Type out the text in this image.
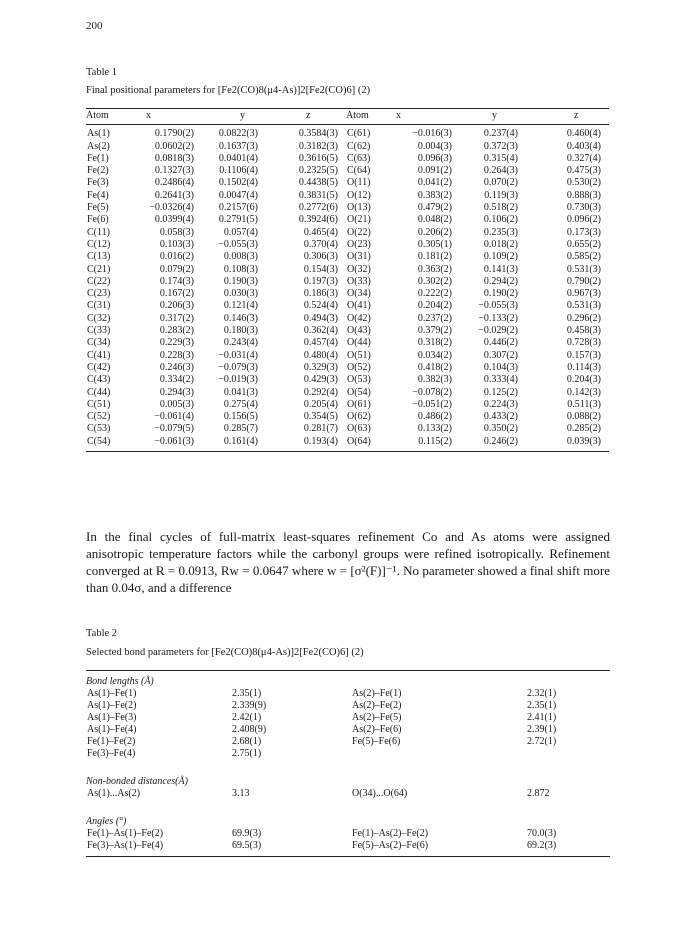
200
Table 1
Final positional parameters for [Fe2(CO)8(μ4-As)]2[Fe2(CO)6] (2)
Atom	x	y	z	Atom	x	y	z
As(1)	0.1790(2)	0.0822(3)	0.3584(3)	C(61)	−0.016(3)	0.237(4)	0.460(4)
As(2)	0.0602(2)	0.1637(3)	0.3182(3)	C(62)	0.004(3)	0.372(3)	0.403(4)
Fe(1)	0.0818(3)	0.0401(4)	0.3616(5)	C(63)	0.096(3)	0.315(4)	0.327(4)
Fe(2)	0.1327(3)	0.1106(4)	0.2325(5)	C(64)	0.091(2)	0.264(3)	0.475(3)
Fe(3)	0.2486(4)	0.1502(4)	0.4438(5)	O(11)	0.041(2)	0.070(2)	0.530(2)
Fe(4)	0.2641(3)	0.0047(4)	0.3831(5)	O(12)	0.383(2)	0.119(3)	0.888(3)
Fe(5)	−0.0326(4)	0.2157(6)	0.2772(6)	O(13)	0.479(2)	0.518(2)	0.730(3)
Fe(6)	0.0399(4)	0.2791(5)	0.3924(6)	O(21)	0.048(2)	0.106(2)	0.096(2)
C(11)	0.058(3)	0.057(4)	0.465(4)	O(22)	0.206(2)	0.235(3)	0.173(3)
C(12)	0.103(3)	−0.055(3)	0.370(4)	O(23)	0.305(1)	0.018(2)	0.655(2)
C(13)	0.016(2)	0.008(3)	0.306(3)	O(31)	0.181(2)	0.109(2)	0.585(2)
C(21)	0.079(2)	0.108(3)	0.154(3)	O(32)	0.363(2)	0.141(3)	0.531(3)
C(22)	0.174(3)	0.190(3)	0.197(3)	O(33)	0.302(2)	0.294(2)	0.790(2)
C(23)	0.167(2)	0.030(3)	0.186(3)	O(34)	0.222(2)	0.190(2)	0.967(3)
C(31)	0.206(3)	0.121(4)	0.524(4)	O(41)	0.204(2)	−0.055(3)	0.531(3)
C(32)	0.317(2)	0.146(3)	0.494(3)	O(42)	0.237(2)	−0.133(2)	0.296(2)
C(33)	0.283(2)	0.180(3)	0.362(4)	O(43)	0.379(2)	−0.029(2)	0.458(3)
C(34)	0.229(3)	0.243(4)	0.457(4)	O(44)	0.318(2)	0.446(2)	0.728(3)
C(41)	0.228(3)	−0.031(4)	0.480(4)	O(51)	0.034(2)	0.307(2)	0.157(3)
C(42)	0.246(3)	−0.079(3)	0.329(3)	O(52)	0.418(2)	0.104(3)	0.114(3)
C(43)	0.334(2)	−0.019(3)	0.429(3)	O(53)	0.382(3)	0.333(4)	0.204(3)
C(44)	0.294(3)	0.041(3)	0.292(4)	O(54)	−0.078(2)	0.125(2)	0.142(3)
C(51)	0.005(3)	0.275(4)	0.205(4)	O(61)	−0.051(2)	0.224(3)	0.511(3)
C(52)	−0.061(4)	0.156(5)	0.354(5)	O(62)	0.486(2)	0.433(2)	0.088(2)
C(53)	−0.079(5)	0.285(7)	0.281(7)	O(63)	0.133(2)	0.350(2)	0.285(2)
C(54)	−0.061(3)	0.161(4)	0.193(4)	O(64)	0.115(2)	0.246(2)	0.039(3)
In the final cycles of full-matrix least-squares refinement Co and As atoms were assigned anisotropic temperature factors while the carbonyl groups were refined isotropically. Refinement converged at R = 0.0913, Rw = 0.0647 where w = [σ²(F)]⁻¹. No parameter showed a final shift more than 0.04σ, and a difference
Table 2
Selected bond parameters for [Fe2(CO)8(μ4-As)]2[Fe2(CO)6] (2)
Bond lengths (Å)
As(1)–Fe(1)	2.35(1)	As(2)–Fe(1)	2.32(1)
As(1)–Fe(2)	2.339(9)	As(2)–Fe(2)	2.35(1)
As(1)–Fe(3)	2.42(1)	As(2)–Fe(5)	2.41(1)
As(1)–Fe(4)	2.408(9)	As(2)–Fe(6)	2.39(1)
Fe(1)–Fe(2)	2.68(1)	Fe(5)–Fe(6)	2.72(1)
Fe(3)–Fe(4)	2.75(1)
Non-bonded distances(Å)
As(1)...As(2)	3.13	O(34)...O(64)	2.872
Angles (°)
Fe(1)–As(1)–Fe(2)	69.9(3)	Fe(1)–As(2)–Fe(2)	70.0(3)
Fe(3)–As(1)–Fe(4)	69.5(3)	Fe(5)–As(2)–Fe(6)	69.2(3)
